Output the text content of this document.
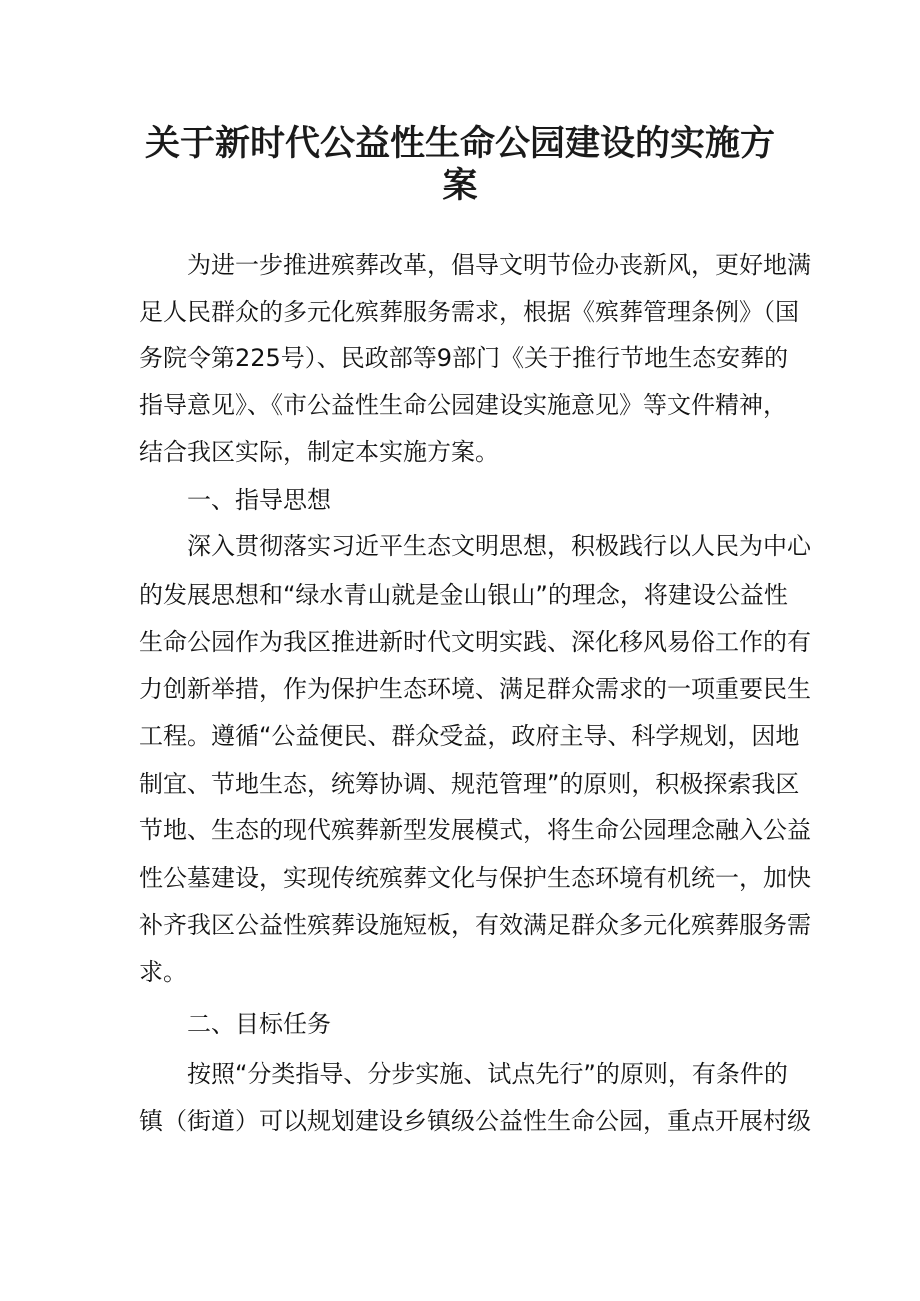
关于新时代公益性生命公园建设的实施方
案

为进一步推进殡葬改革，倡导文明节俭办丧新风，更好地满

足人民群众的多元化殡葬服务需求，根据《殡葬管理条例》（国

务院令第225号）、民政部等9部门《关于推行节地生态安葬的

指导意见》、《市公益性生命公园建设实施意见》等文件精神，

结合我区实际，制定本实施方案。

一、指导思想

深入贯彻落实习近平生态文明思想，积极践行以人民为中心

的发展思想和“绿水青山就是金山银山”的理念，将建设公益性

生命公园作为我区推进新时代文明实践、深化移风易俗工作的有

力创新举措，作为保护生态环境、满足群众需求的一项重要民生

工程。遵循“公益便民、群众受益，政府主导、科学规划，因地

制宜、节地生态，统筹协调、规范管理”的原则，积极探索我区

节地、生态的现代殡葬新型发展模式，将生命公园理念融入公益

性公墓建设，实现传统殡葬文化与保护生态环境有机统一，加快

补齐我区公益性殡葬设施短板，有效满足群众多元化殡葬服务需

求。

二、目标任务

按照“分类指导、分步实施、试点先行”的原则，有条件的

镇（街道）可以规划建设乡镇级公益性生命公园，重点开展村级
